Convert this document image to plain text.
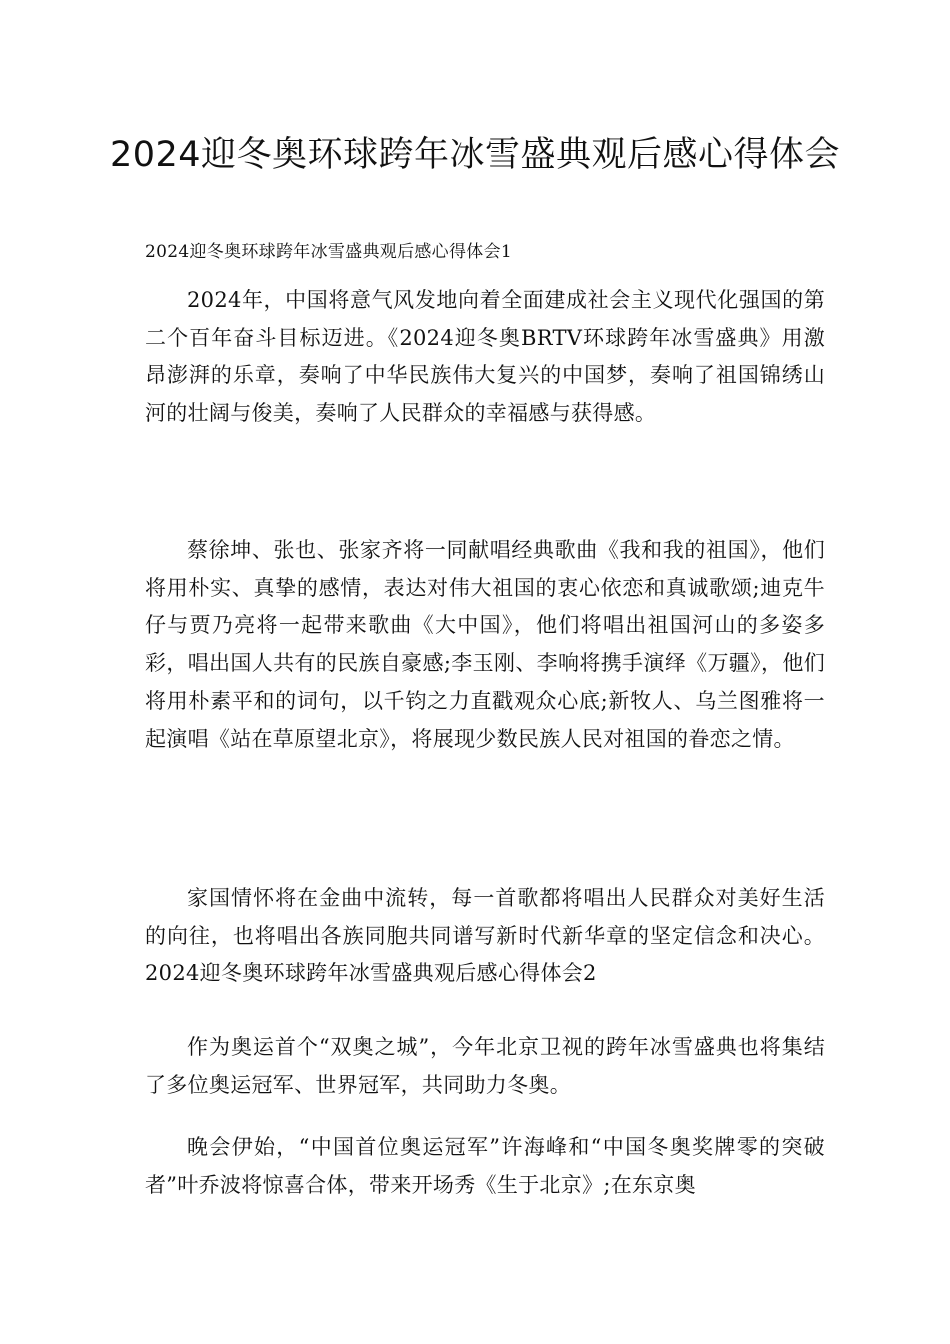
2024迎冬奥环球跨年冰雪盛典观后感心得体会

2024迎冬奥环球跨年冰雪盛典观后感心得体会1

2024年，中国将意气风发地向着全面建成社会主义现代化强国的第二个百年奋斗目标迈进。《2024迎冬奥BRTV环球跨年冰雪盛典》用激昂澎湃的乐章，奏响了中华民族伟大复兴的中国梦，奏响了祖国锦绣山河的壮阔与俊美，奏响了人民群众的幸福感与获得感。

蔡徐坤、张也、张家齐将一同献唱经典歌曲《我和我的祖国》，他们将用朴实、真挚的感情，表达对伟大祖国的衷心依恋和真诚歌颂;迪克牛仔与贾乃亮将一起带来歌曲《大中国》，他们将唱出祖国河山的多姿多彩，唱出国人共有的民族自豪感;李玉刚、李响将携手演绎《万疆》，他们将用朴素平和的词句，以千钧之力直戳观众心底;新牧人、乌兰图雅将一起演唱《站在草原望北京》，将展现少数民族人民对祖国的眷恋之情。

家国情怀将在金曲中流转，每一首歌都将唱出人民群众对美好生活的向往，也将唱出各族同胞共同谱写新时代新华章的坚定信念和决心。2024迎冬奥环球跨年冰雪盛典观后感心得体会2

作为奥运首个“双奥之城”，今年北京卫视的跨年冰雪盛典也将集结了多位奥运冠军、世界冠军，共同助力冬奥。

晚会伊始，“中国首位奥运冠军”许海峰和“中国冬奥奖牌零的突破者”叶乔波将惊喜合体，带来开场秀《生于北京》;在东京奥
